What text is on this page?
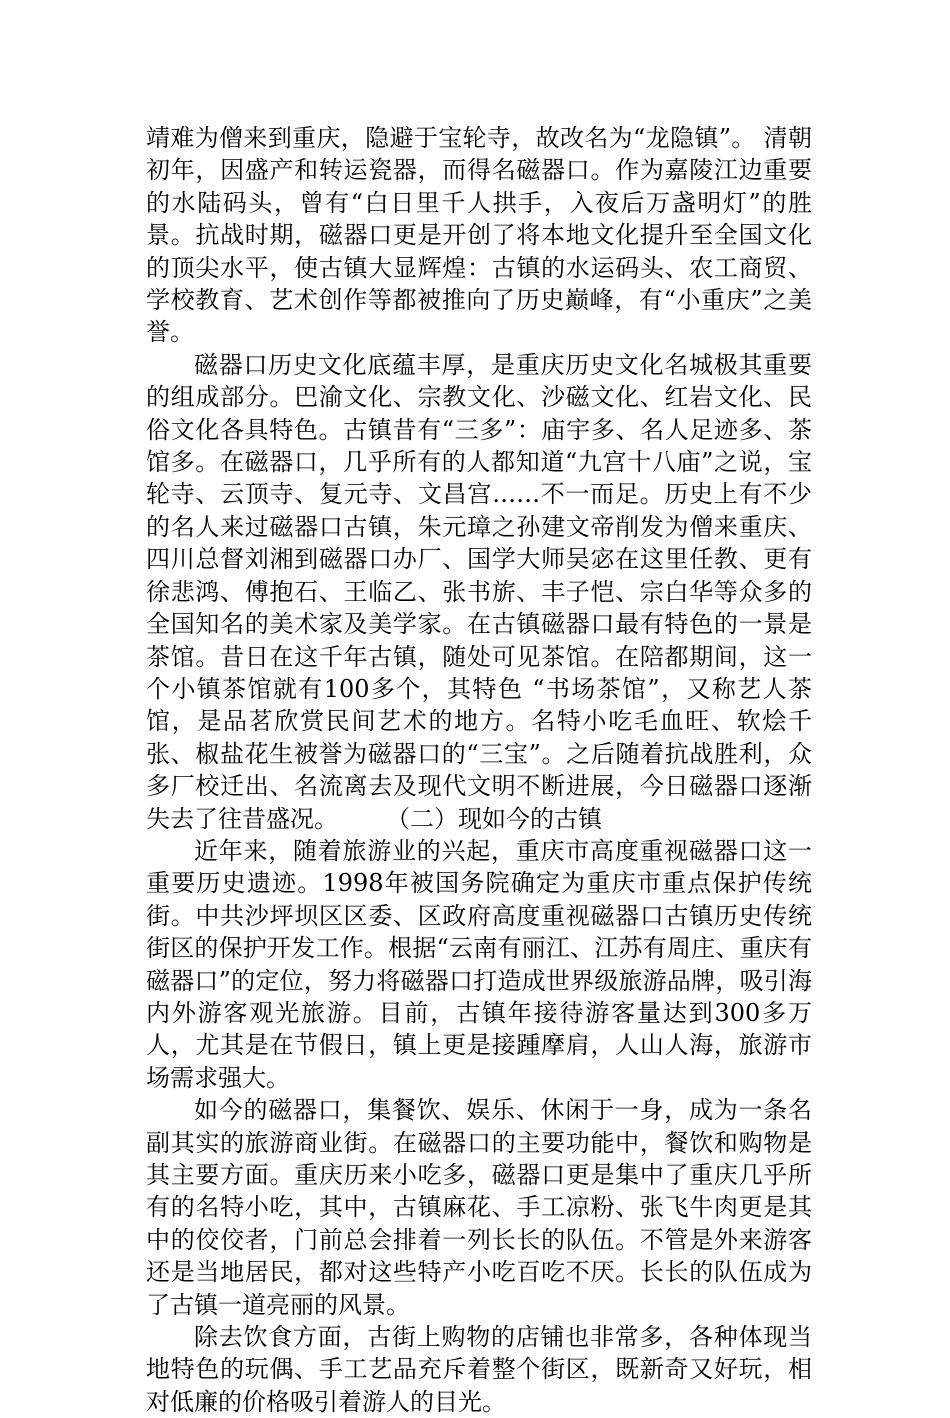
靖难为僧来到重庆，隐避于宝轮寺，故改名为“龙隐镇”。 清朝初年，因盛产和转运瓷器，而得名磁器口。作为嘉陵江边重要的水陆码头，曾有“白日里千人拱手，入夜后万盏明灯”的胜景。抗战时期，磁器口更是开创了将本地文化提升至全国文化的顶尖水平，使古镇大显辉煌：古镇的水运码头、农工商贸、学校教育、艺术创作等都被推向了历史巅峰，有“小重庆”之美誉。

磁器口历史文化底蕴丰厚，是重庆历史文化名城极其重要的组成部分。巴渝文化、宗教文化、沙磁文化、红岩文化、民俗文化各具特色。古镇昔有“三多”：庙宇多、名人足迹多、茶馆多。在磁器口，几乎所有的人都知道“九宫十八庙”之说，宝轮寺、云顶寺、复元寺、文昌宫……不一而足。历史上有不少的名人来过磁器口古镇，朱元璋之孙建文帝削发为僧来重庆、四川总督刘湘到磁器口办厂、国学大师吴宓在这里任教、更有徐悲鸿、傅抱石、王临乙、张书旂、丰子恺、宗白华等众多的全国知名的美术家及美学家。在古镇磁器口最有特色的一景是茶馆。昔日在这千年古镇，随处可见茶馆。在陪都期间，这一个小镇茶馆就有100多个，其特色 “书场茶馆”，又称艺人茶馆，是品茗欣赏民间艺术的地方。名特小吃毛血旺、软烩千张、椒盐花生被誉为磁器口的“三宝”。之后随着抗战胜利，众多厂校迁出、名流离去及现代文明不断进展，今日磁器口逐渐失去了往昔盛况。　　　（二）现如今的古镇

近年来，随着旅游业的兴起，重庆市高度重视磁器口这一重要历史遗迹。1998年被国务院确定为重庆市重点保护传统街。中共沙坪坝区区委、区政府高度重视磁器口古镇历史传统街区的保护开发工作。根据“云南有丽江、江苏有周庄、重庆有磁器口”的定位，努力将磁器口打造成世界级旅游品牌，吸引海内外游客观光旅游。目前，古镇年接待游客量达到300多万人，尤其是在节假日，镇上更是接踵摩肩，人山人海，旅游市场需求强大。

如今的磁器口，集餐饮、娱乐、休闲于一身，成为一条名副其实的旅游商业街。在磁器口的主要功能中，餐饮和购物是其主要方面。重庆历来小吃多，磁器口更是集中了重庆几乎所有的名特小吃，其中，古镇麻花、手工凉粉、张飞牛肉更是其中的佼佼者，门前总会排着一列长长的队伍。不管是外来游客还是当地居民，都对这些特产小吃百吃不厌。长长的队伍成为了古镇一道亮丽的风景。

除去饮食方面，古街上购物的店铺也非常多，各种体现当地特色的玩偶、手工艺品充斥着整个街区，既新奇又好玩，相对低廉的价格吸引着游人的目光。
